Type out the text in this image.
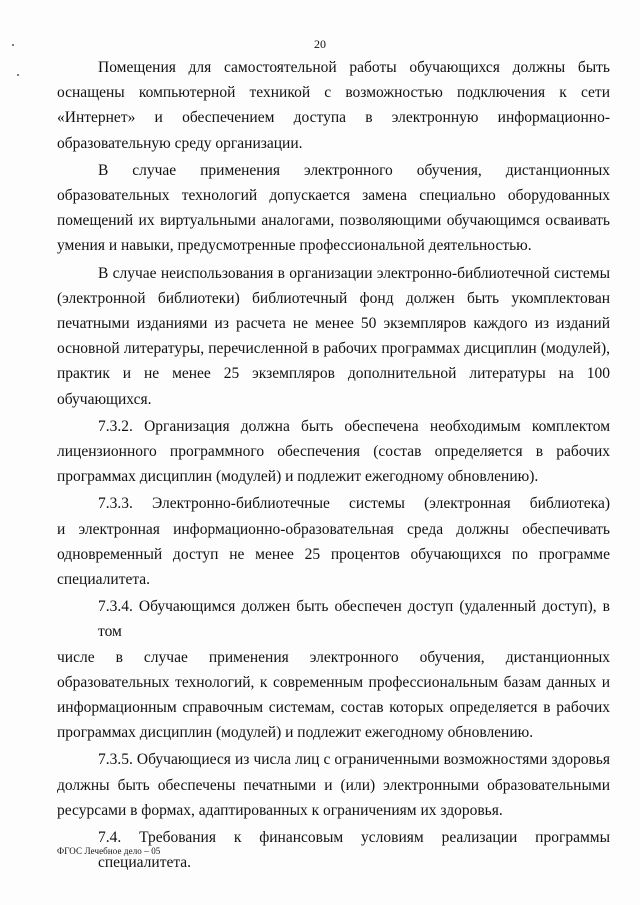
20
Помещения для самостоятельной работы обучающихся должны быть
оснащены компьютерной техникой с возможностью подключения к сети
«Интернет» и обеспечением доступа в электронную информационно-
образовательную среду организации.
В случае применения электронного обучения, дистанционных
образовательных технологий допускается замена специально оборудованных
помещений их виртуальными аналогами, позволяющими обучающимся осваивать
умения и навыки, предусмотренные профессиональной деятельностью.
В случае неиспользования в организации электронно-библиотечной системы
(электронной библиотеки) библиотечный фонд должен быть укомплектован
печатными изданиями из расчета не менее 50 экземпляров каждого из изданий
основной литературы, перечисленной в рабочих программах дисциплин (модулей),
практик и не менее 25 экземпляров дополнительной литературы на 100
обучающихся.
7.3.2. Организация должна быть обеспечена необходимым комплектом
лицензионного программного обеспечения (состав определяется в рабочих
программах дисциплин (модулей) и подлежит ежегодному обновлению).
7.3.3. Электронно-библиотечные системы (электронная библиотека)
и электронная информационно-образовательная среда должны обеспечивать
одновременный доступ не менее 25 процентов обучающихся по программе
специалитета.
7.3.4. Обучающимся должен быть обеспечен доступ (удаленный доступ), в том
числе в случае применения электронного обучения, дистанционных
образовательных технологий, к современным профессиональным базам данных и
информационным справочным системам, состав которых определяется в рабочих
программах дисциплин (модулей) и подлежит ежегодному обновлению.
7.3.5. Обучающиеся из числа лиц с ограниченными возможностями здоровья
должны быть обеспечены печатными и (или) электронными образовательными
ресурсами в формах, адаптированных к ограничениям их здоровья.
7.4. Требования к финансовым условиям реализации программы специалитета.
ФГОС Лечебное дело – 05
